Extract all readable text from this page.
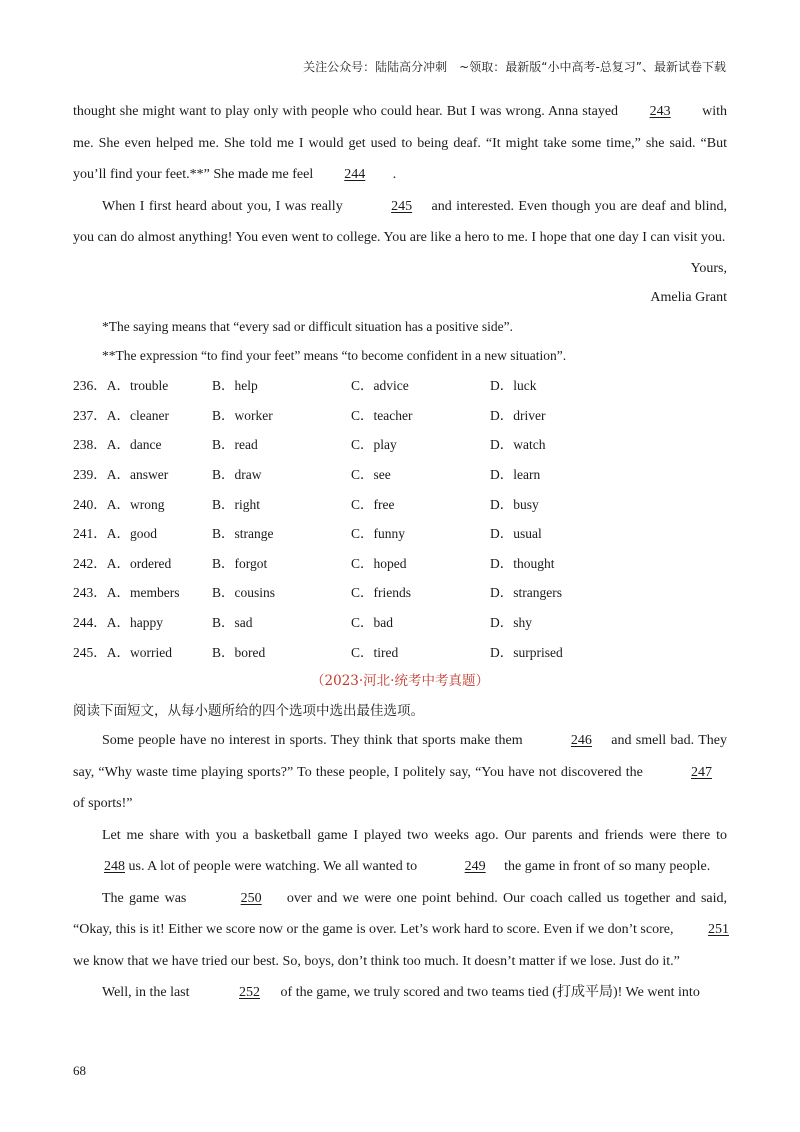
关注公众号：陆陆高分冲刺　~领取：最新版“小中高考-总复习”、最新试卷下载

thought she might want to play only with people who could hear. But I was wrong. Anna stayed 243 with me. She even helped me. She told me I would get used to being deaf. “It might take some time,” she said. “But you’ll find your feet.**” She made me feel 244 .

When I first heard about you, I was really	245 and interested. Even though you are deaf and blind, you can do almost anything! You even went to college. You are like a hero to me. I hope that one day I can visit you.

Yours,

Amelia Grant

*The saying means that “every sad or difficult situation has a positive side”.

**The expression “to find your feet” means “to become confident in a new situation”.

236．A．trouble	B．help	C．advice	D．luck
237．A．cleaner	B．worker	C．teacher	D．driver
238．A．dance	B．read	C．play	D．watch
239．A．answer	B．draw	C．see	D．learn
240．A．wrong	B．right	C．free	D．busy
241．A．good	B．strange	C．funny	D．usual
242．A．ordered	B．forgot	C．hoped	D．thought
243．A．members	B．cousins	C．friends	D．strangers
244．A．happy	B．sad	C．bad	D．shy
245．A．worried	B．bored	C．tired	D．surprised

（2023·河北·统考中考真题）

阅读下面短文，从每小题所给的四个选项中选出最佳选项。

Some people have no interest in sports. They think that sports make them	246 and smell bad. They say, “Why waste time playing sports?” To these people, I politely say, “You have not discovered the	247 of sports!”

Let me share with you a basketball game I played two weeks ago. Our parents and friends were there to 248 us. A lot of people were watching. We all wanted to	249 the game in front of so many people.

The game was	250 over and we were one point behind. Our coach called us together and said, “Okay, this is it! Either we score now or the game is over. Let’s work hard to score. Even if we don’t score, 251 we know that we have tried our best. So, boys, don’t think too much. It doesn’t matter if we lose. Just do it.”

Well, in the last	252 of the game, we truly scored and two teams tied (打成平局)! We went into

68
